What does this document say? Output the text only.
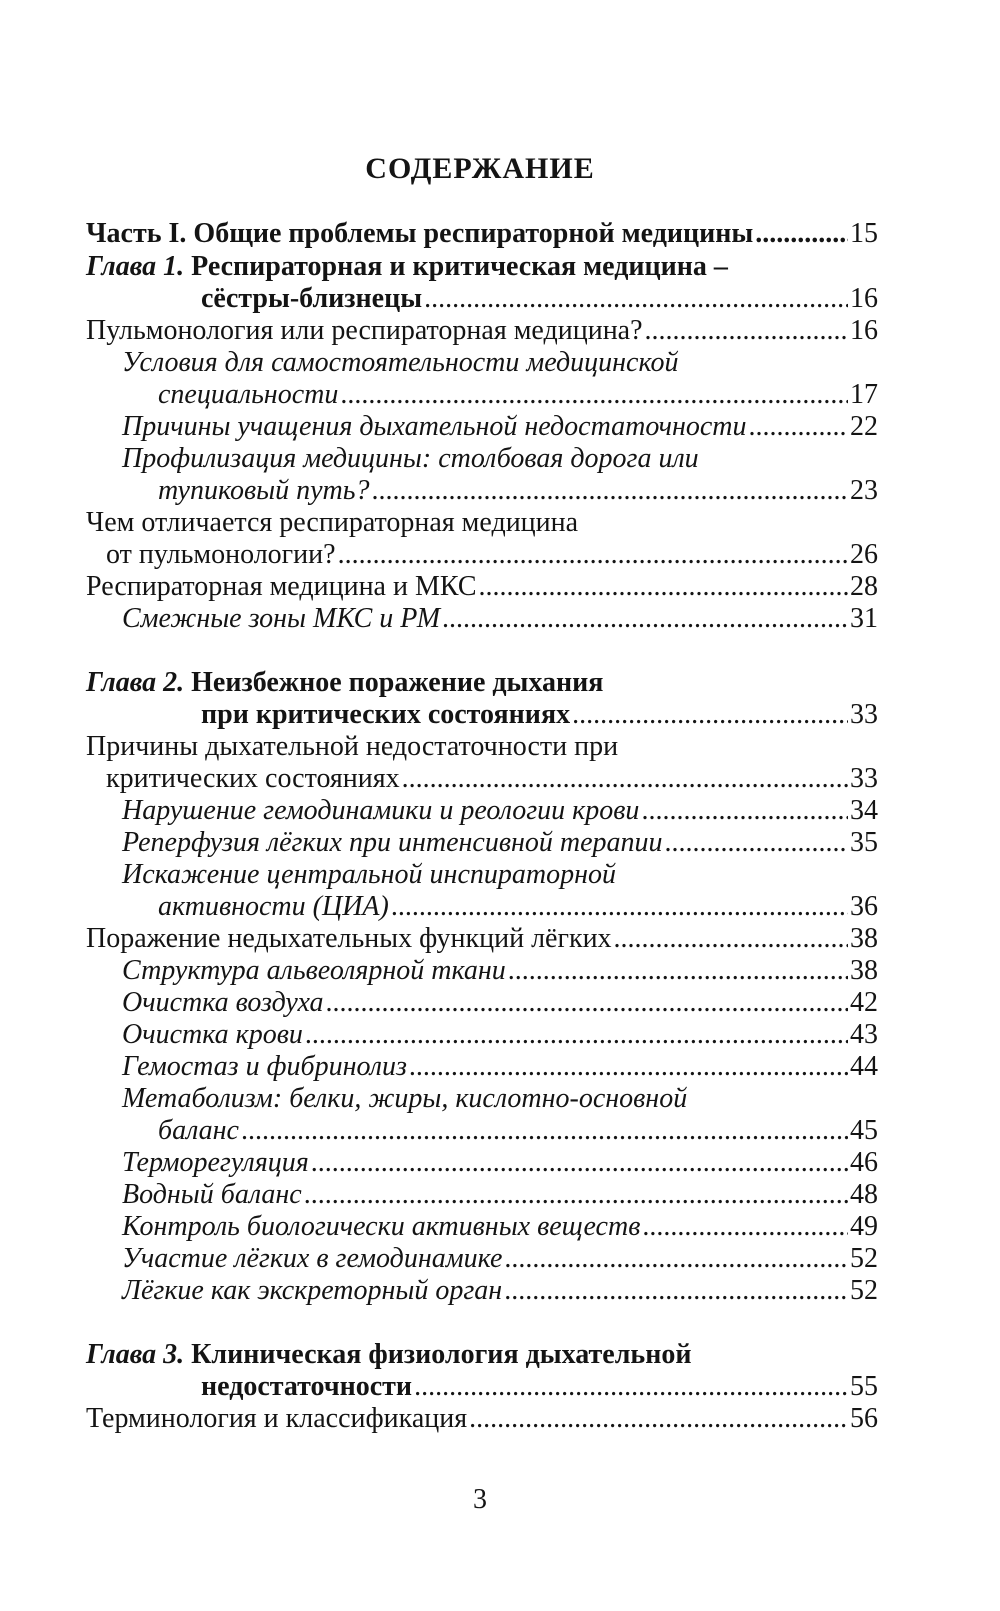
СОДЕРЖАНИЕ
Часть I. Общие проблемы респираторной медицины .....	15
Глава 1. Респираторная и критическая медицина –
сёстры-близнецы .....	16
Пульмонология или респираторная медицина? .....	16
Условия для самостоятельности медицинской
специальности .....	17
Причины учащения дыхательной недостаточности .....	22
Профилизация медицины: столбовая дорога или
тупиковый путь? .....	23
Чем отличается респираторная медицина
от пульмонологии? .....	26
Респираторная медицина и МКС .....	28
Смежные зоны МКС и РМ .....	31
Глава 2. Неизбежное поражение дыхания
при критических состояниях .....	33
Причины дыхательной недостаточности при
критических состояниях .....	33
Нарушение гемодинамики и реологии крови .....	34
Реперфузия лёгких при интенсивной терапии .....	35
Искажение центральной инспираторной
активности (ЦИА) .....	36
Поражение недыхательных функций лёгких .....	38
Структура альвеолярной ткани .....	38
Очистка воздуха .....	42
Очистка крови .....	43
Гемостаз и фибринолиз .....	44
Метаболизм: белки, жиры, кислотно-основной
баланс .....	45
Терморегуляция .....	46
Водный баланс .....	48
Контроль биологически активных веществ .....	49
Участие лёгких в гемодинамике .....	52
Лёгкие как экскреторный орган .....	52
Глава 3. Клиническая физиология дыхательной
недостаточности .....	55
Терминология и классификация .....	56
3
